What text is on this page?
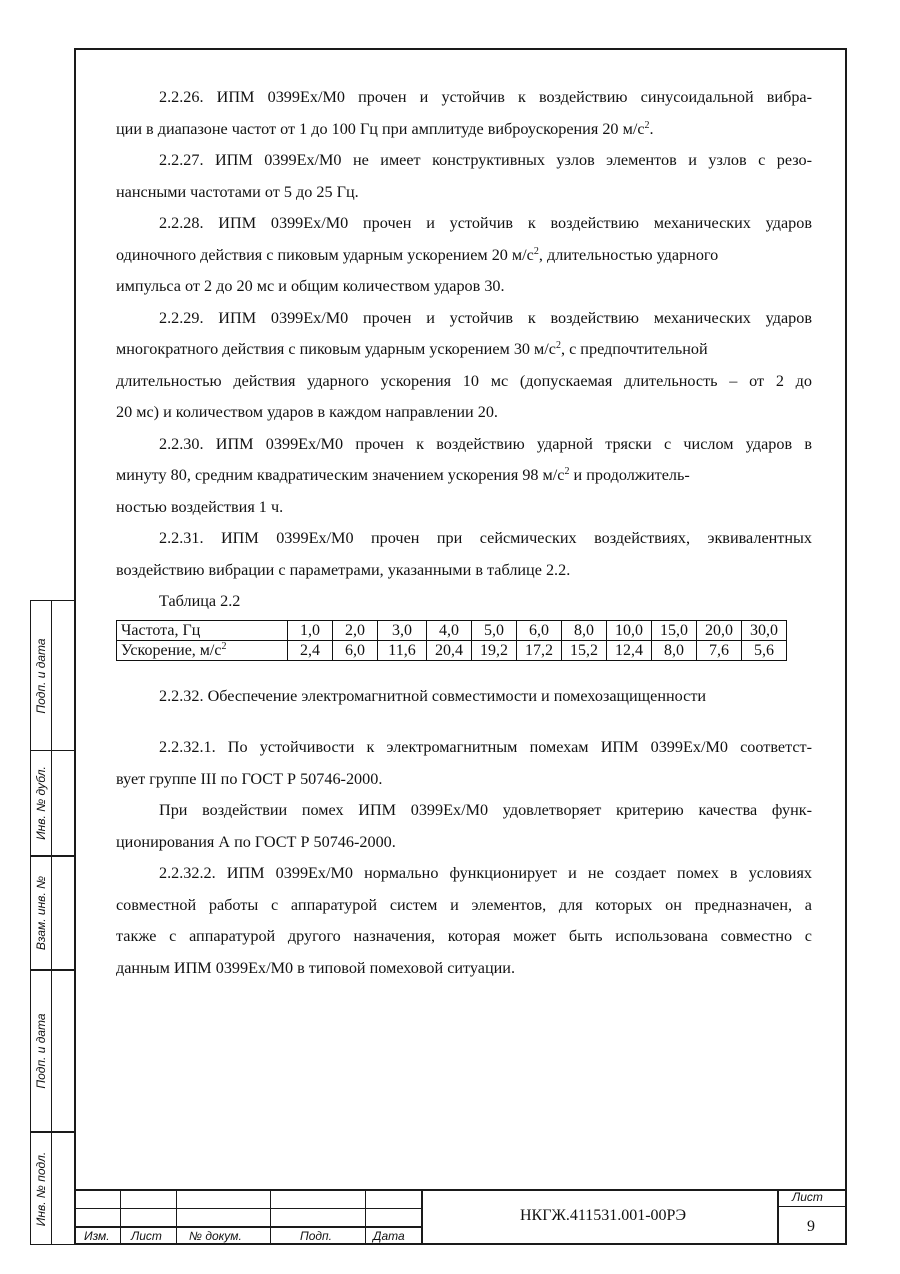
2.2.26. ИПМ 0399Ех/М0 прочен и устойчив к воздействию синусоидальной вибра-
ции в диапазоне частот от 1 до 100 Гц при амплитуде виброускорения 20 $м/с^2$.
2.2.27. ИПМ 0399Ех/М0 не имеет конструктивных узлов элементов и узлов с резо-
нансными частотами от 5 до 25 Гц.
2.2.28. ИПМ 0399Ех/М0 прочен и устойчив к воздействию механических ударов
одиночного действия с пиковым ударным ускорением 20 $м/с^2$, длительностью ударного
импульса от 2 до 20 мс и общим количеством ударов 30.
2.2.29. ИПМ 0399Ех/М0 прочен и устойчив к воздействию механических ударов
многократного действия с пиковым ударным ускорением 30 $м/с^2$, с предпочтительной
длительностью действия ударного ускорения 10 мс (допускаемая длительность – от 2 до
20 мс) и количеством ударов в каждом направлении 20.
2.2.30. ИПМ 0399Ех/М0 прочен к воздействию ударной тряски с числом ударов в
минуту 80, средним квадратическим значением ускорения 98 $м/с^2$ и продолжитель-
ностью воздействия 1 ч.
2.2.31. ИПМ 0399Ех/М0 прочен при сейсмических воздействиях, эквивалентных
воздействию вибрации с параметрами, указанными в таблице 2.2.
Таблица 2.2
Частота, Гц	1,0	2,0	3,0	4,0	5,0	6,0	8,0	10,0	15,0	20,0	30,0
Ускорение, $м/с^2$	2,4	6,0	11,6	20,4	19,2	17,2	15,2	12,4	8,0	7,6	5,6
2.2.32. Обеспечение электромагнитной совместимости и помехозащищенности
2.2.32.1. По устойчивости к электромагнитным помехам ИПМ 0399Ех/М0 соответст-
вует группе III по ГОСТ Р 50746-2000.
При воздействии помех ИПМ 0399Ех/М0 удовлетворяет критерию качества функ-
ционирования А по ГОСТ Р 50746-2000.
2.2.32.2. ИПМ 0399Ех/М0 нормально функционирует и не создает помех в условиях
совместной работы с аппаратурой систем и элементов, для которых он предназначен, а
также с аппаратурой другого назначения, которая может быть использована совместно с
данным ИПМ 0399Ех/М0 в типовой помеховой ситуации.
Подп. и дата
Инв. № дубл.
Взам. инв. №
Подп. и дата
Инв. № подл.
Изм. Лист № докум.	Подп.	Дата
НКГЖ.411531.001-00РЭ
Лист
9
